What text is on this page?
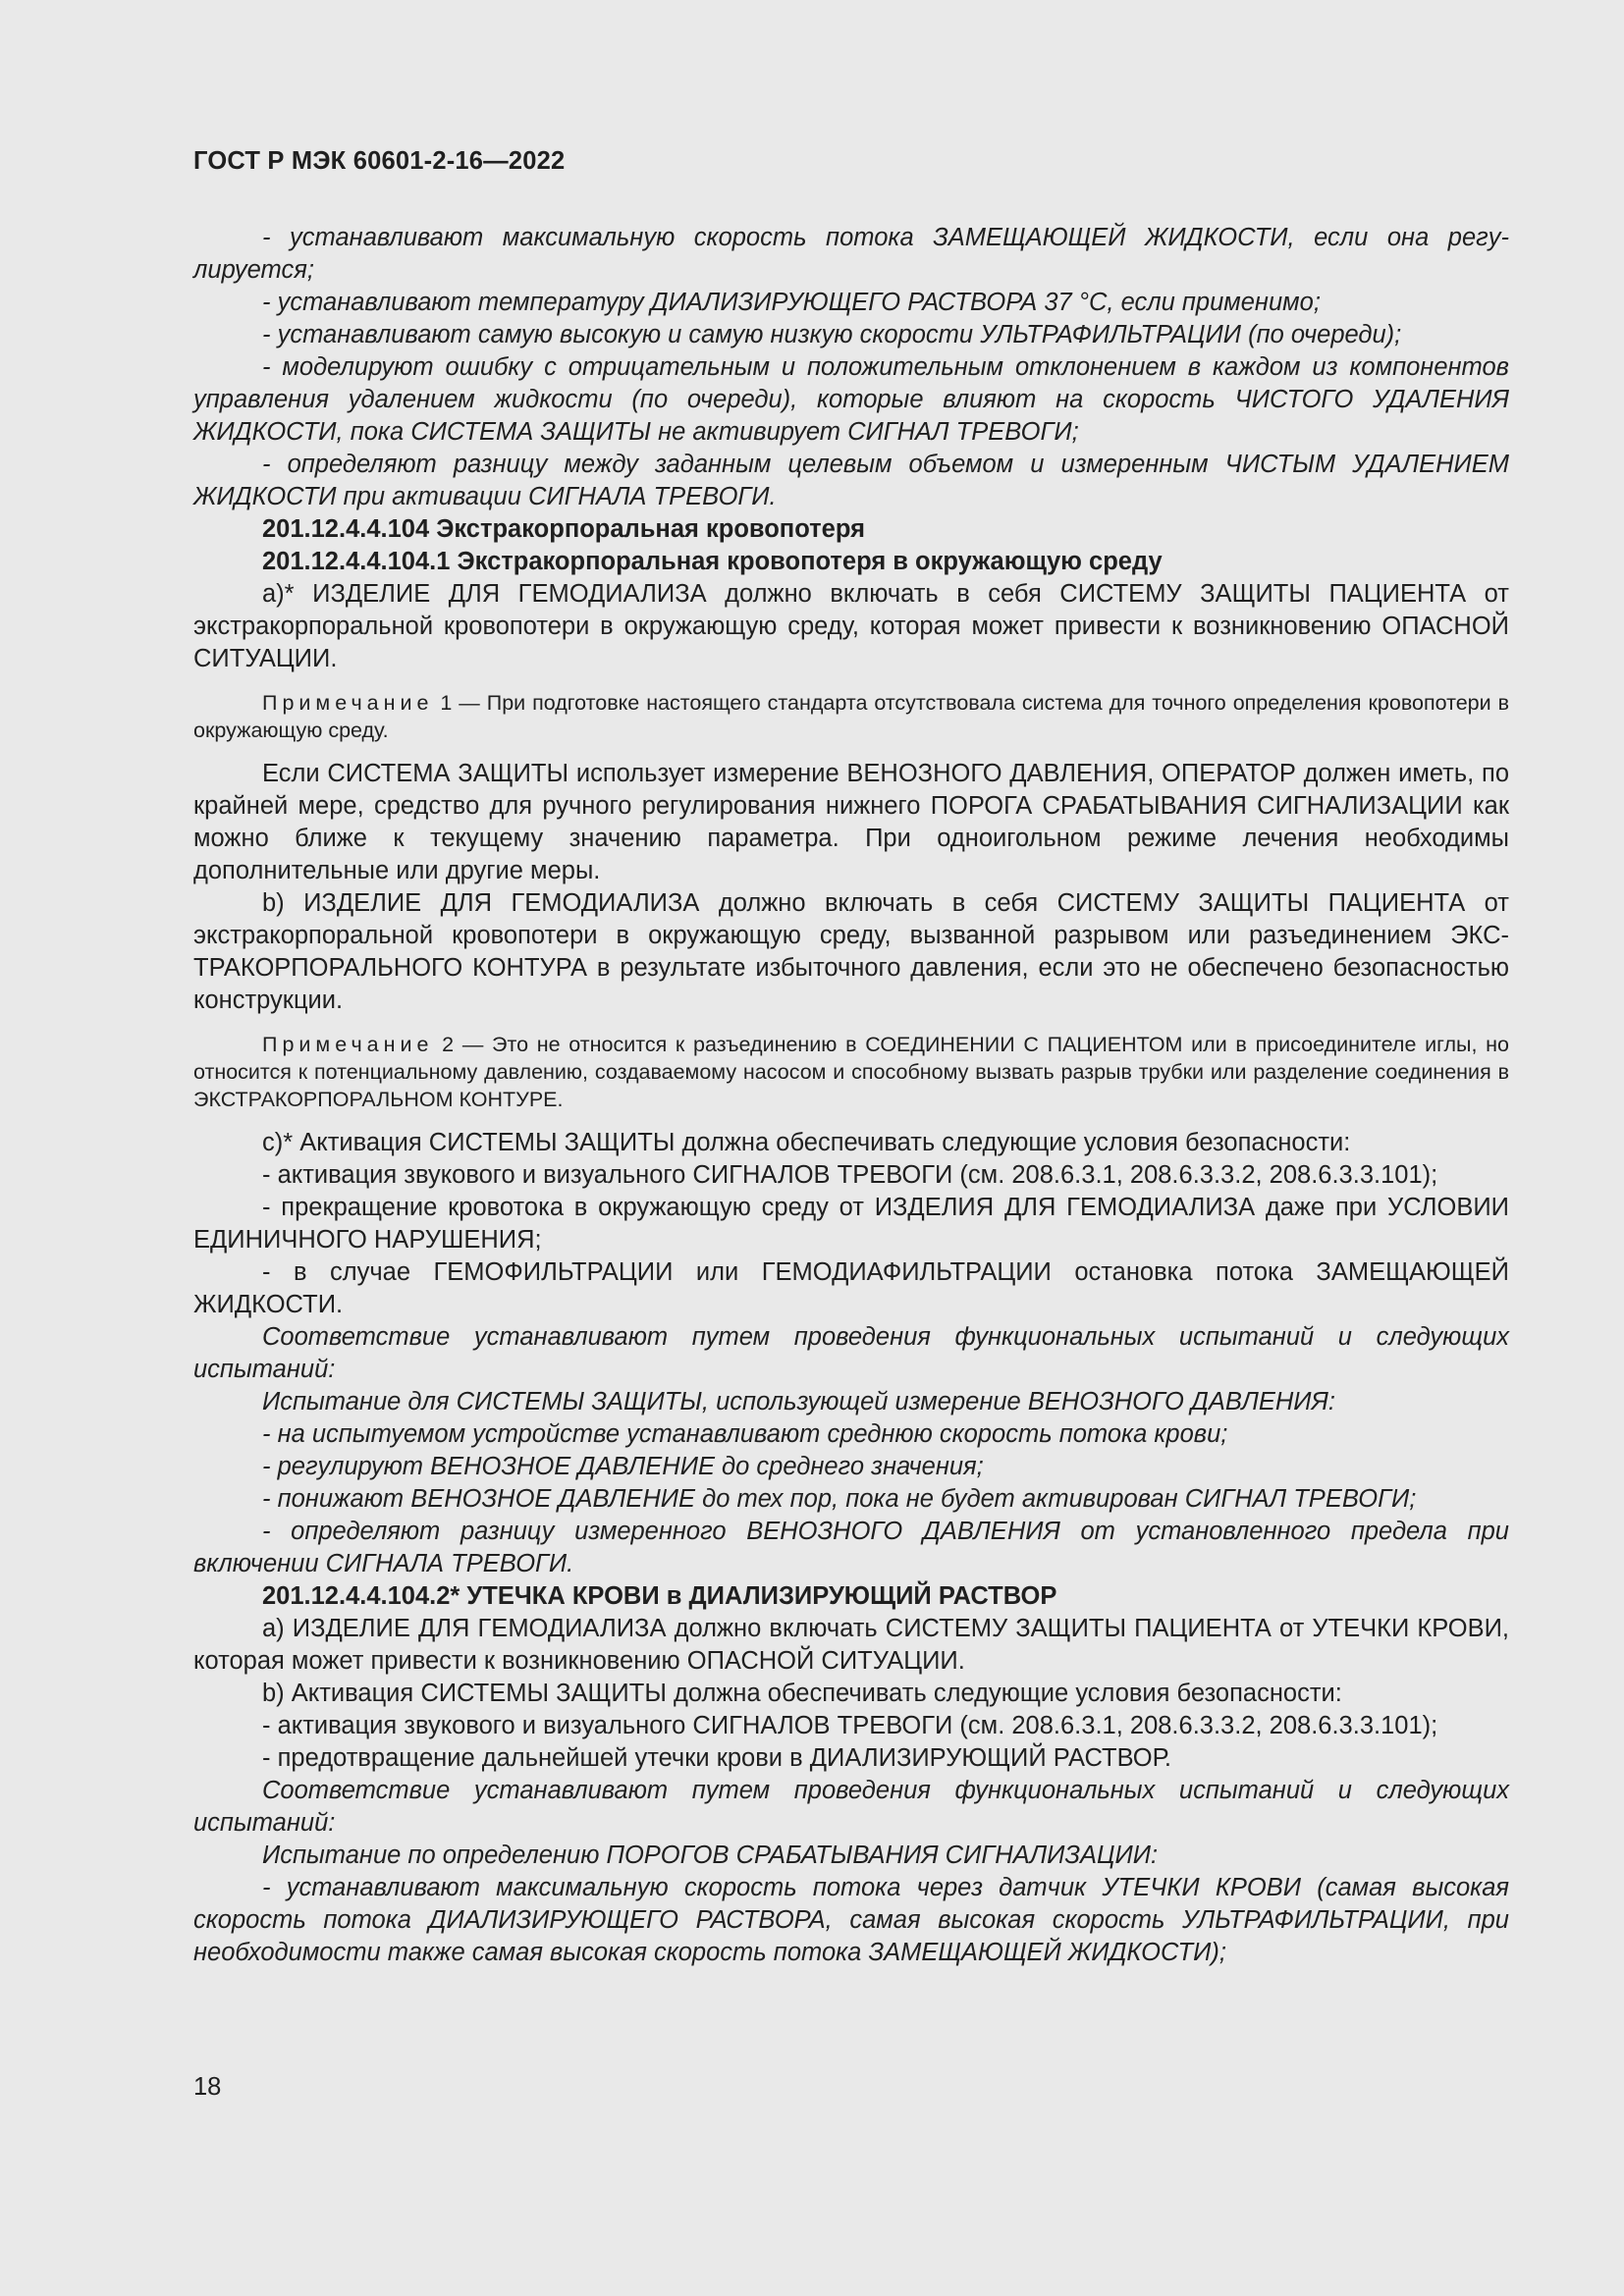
ГОСТ Р МЭК 60601-2-16—2022

- устанавливают максимальную скорость потока ЗАМЕЩАЮЩЕЙ ЖИДКОСТИ, если она регулируется;

- устанавливают температуру ДИАЛИЗИРУЮЩЕГО РАСТВОРА 37 °С, если применимо;

- устанавливают самую высокую и самую низкую скорости УЛЬТРАФИЛЬТРАЦИИ (по очереди);

- моделируют ошибку с отрицательным и положительным отклонением в каждом из компонентов управления удалением жидкости (по очереди), которые влияют на скорость ЧИСТОГО УДАЛЕНИЯ ЖИДКОСТИ, пока СИСТЕМА ЗАЩИТЫ не активирует СИГНАЛ ТРЕВОГИ;

- определяют разницу между заданным целевым объемом и измеренным ЧИСТЫМ УДАЛЕНИЕМ ЖИДКОСТИ при активации СИГНАЛА ТРЕВОГИ.

201.12.4.4.104 Экстракорпоральная кровопотеря

201.12.4.4.104.1 Экстракорпоральная кровопотеря в окружающую среду

a)* ИЗДЕЛИЕ ДЛЯ ГЕМОДИАЛИЗА должно включать в себя СИСТЕМУ ЗАЩИТЫ ПАЦИЕНТА от экстракорпоральной кровопотери в окружающую среду, которая может привести к возникновению ОПАСНОЙ СИТУАЦИИ.

Примечание 1 — При подготовке настоящего стандарта отсутствовала система для точного определения кровопотери в окружающую среду.

Если СИСТЕМА ЗАЩИТЫ использует измерение ВЕНОЗНОГО ДАВЛЕНИЯ, ОПЕРАТОР должен иметь, по крайней мере, средство для ручного регулирования нижнего ПОРОГА СРАБАТЫВАНИЯ СИГНАЛИЗАЦИИ как можно ближе к текущему значению параметра. При одноигольном режиме лечения необходимы дополнительные или другие меры.

b) ИЗДЕЛИЕ ДЛЯ ГЕМОДИАЛИЗА должно включать в себя СИСТЕМУ ЗАЩИТЫ ПАЦИЕНТА от экстракорпоральной кровопотери в окружающую среду, вызванной разрывом или разъединением ЭКСТРАКОРПОРАЛЬНОГО КОНТУРА в результате избыточного давления, если это не обеспечено безопасностью конструкции.

Примечание 2 — Это не относится к разъединению в СОЕДИНЕНИИ С ПАЦИЕНТОМ или в присоединителе иглы, но относится к потенциальному давлению, создаваемому насосом и способному вызвать разрыв трубки или разделение соединения в ЭКСТРАКОРПОРАЛЬНОМ КОНТУРЕ.

c)* Активация СИСТЕМЫ ЗАЩИТЫ должна обеспечивать следующие условия безопасности:

- активация звукового и визуального СИГНАЛОВ ТРЕВОГИ (см. 208.6.3.1, 208.6.3.3.2, 208.6.3.3.101);

- прекращение кровотока в окружающую среду от ИЗДЕЛИЯ ДЛЯ ГЕМОДИАЛИЗА даже при УСЛОВИИ ЕДИНИЧНОГО НАРУШЕНИЯ;

- в случае ГЕМОФИЛЬТРАЦИИ или ГЕМОДИАФИЛЬТРАЦИИ остановка потока ЗАМЕЩАЮЩЕЙ ЖИДКОСТИ.

Соответствие устанавливают путем проведения функциональных испытаний и следующих испытаний:

Испытание для СИСТЕМЫ ЗАЩИТЫ, использующей измерение ВЕНОЗНОГО ДАВЛЕНИЯ:

- на испытуемом устройстве устанавливают среднюю скорость потока крови;

- регулируют ВЕНОЗНОЕ ДАВЛЕНИЕ до среднего значения;

- понижают ВЕНОЗНОЕ ДАВЛЕНИЕ до тех пор, пока не будет активирован СИГНАЛ ТРЕВОГИ;

- определяют разницу измеренного ВЕНОЗНОГО ДАВЛЕНИЯ от установленного предела при включении СИГНАЛА ТРЕВОГИ.

201.12.4.4.104.2* УТЕЧКА КРОВИ в ДИАЛИЗИРУЮЩИЙ РАСТВОР

a) ИЗДЕЛИЕ ДЛЯ ГЕМОДИАЛИЗА должно включать СИСТЕМУ ЗАЩИТЫ ПАЦИЕНТА от УТЕЧКИ КРОВИ, которая может привести к возникновению ОПАСНОЙ СИТУАЦИИ.

b) Активация СИСТЕМЫ ЗАЩИТЫ должна обеспечивать следующие условия безопасности:

- активация звукового и визуального СИГНАЛОВ ТРЕВОГИ (см. 208.6.3.1, 208.6.3.3.2, 208.6.3.3.101);

- предотвращение дальнейшей утечки крови в ДИАЛИЗИРУЮЩИЙ РАСТВОР.

Соответствие устанавливают путем проведения функциональных испытаний и следующих испытаний:

Испытание по определению ПОРОГОВ СРАБАТЫВАНИЯ СИГНАЛИЗАЦИИ:

- устанавливают максимальную скорость потока через датчик УТЕЧКИ КРОВИ (самая высокая скорость потока ДИАЛИЗИРУЮЩЕГО РАСТВОРА, самая высокая скорость УЛЬТРАФИЛЬТРАЦИИ, при необходимости также самая высокая скорость потока ЗАМЕЩАЮЩЕЙ ЖИДКОСТИ);

18
